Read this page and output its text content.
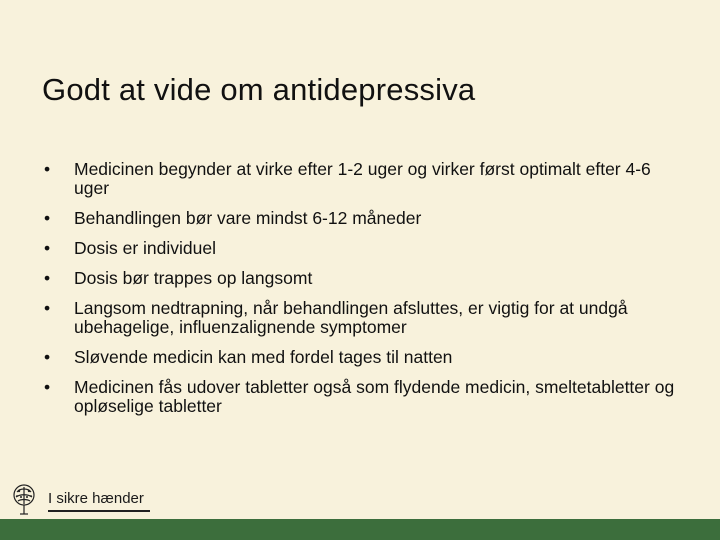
Godt at vide om antidepressiva
•	Medicinen begynder at virke efter 1-2 uger og virker først optimalt efter 4-6 uger
•	Behandlingen bør vare mindst 6-12 måneder
•	Dosis er individuel
•	Dosis bør trappes op langsomt
•	Langsom nedtrapning, når behandlingen afsluttes, er vigtig for at undgå ubehagelige, influenzalignende symptomer
•	Sløvende medicin kan med fordel tages til natten
•	Medicinen fås udover tabletter også som flydende medicin, smeltetabletter og opløselige tabletter
I sikre hænder
